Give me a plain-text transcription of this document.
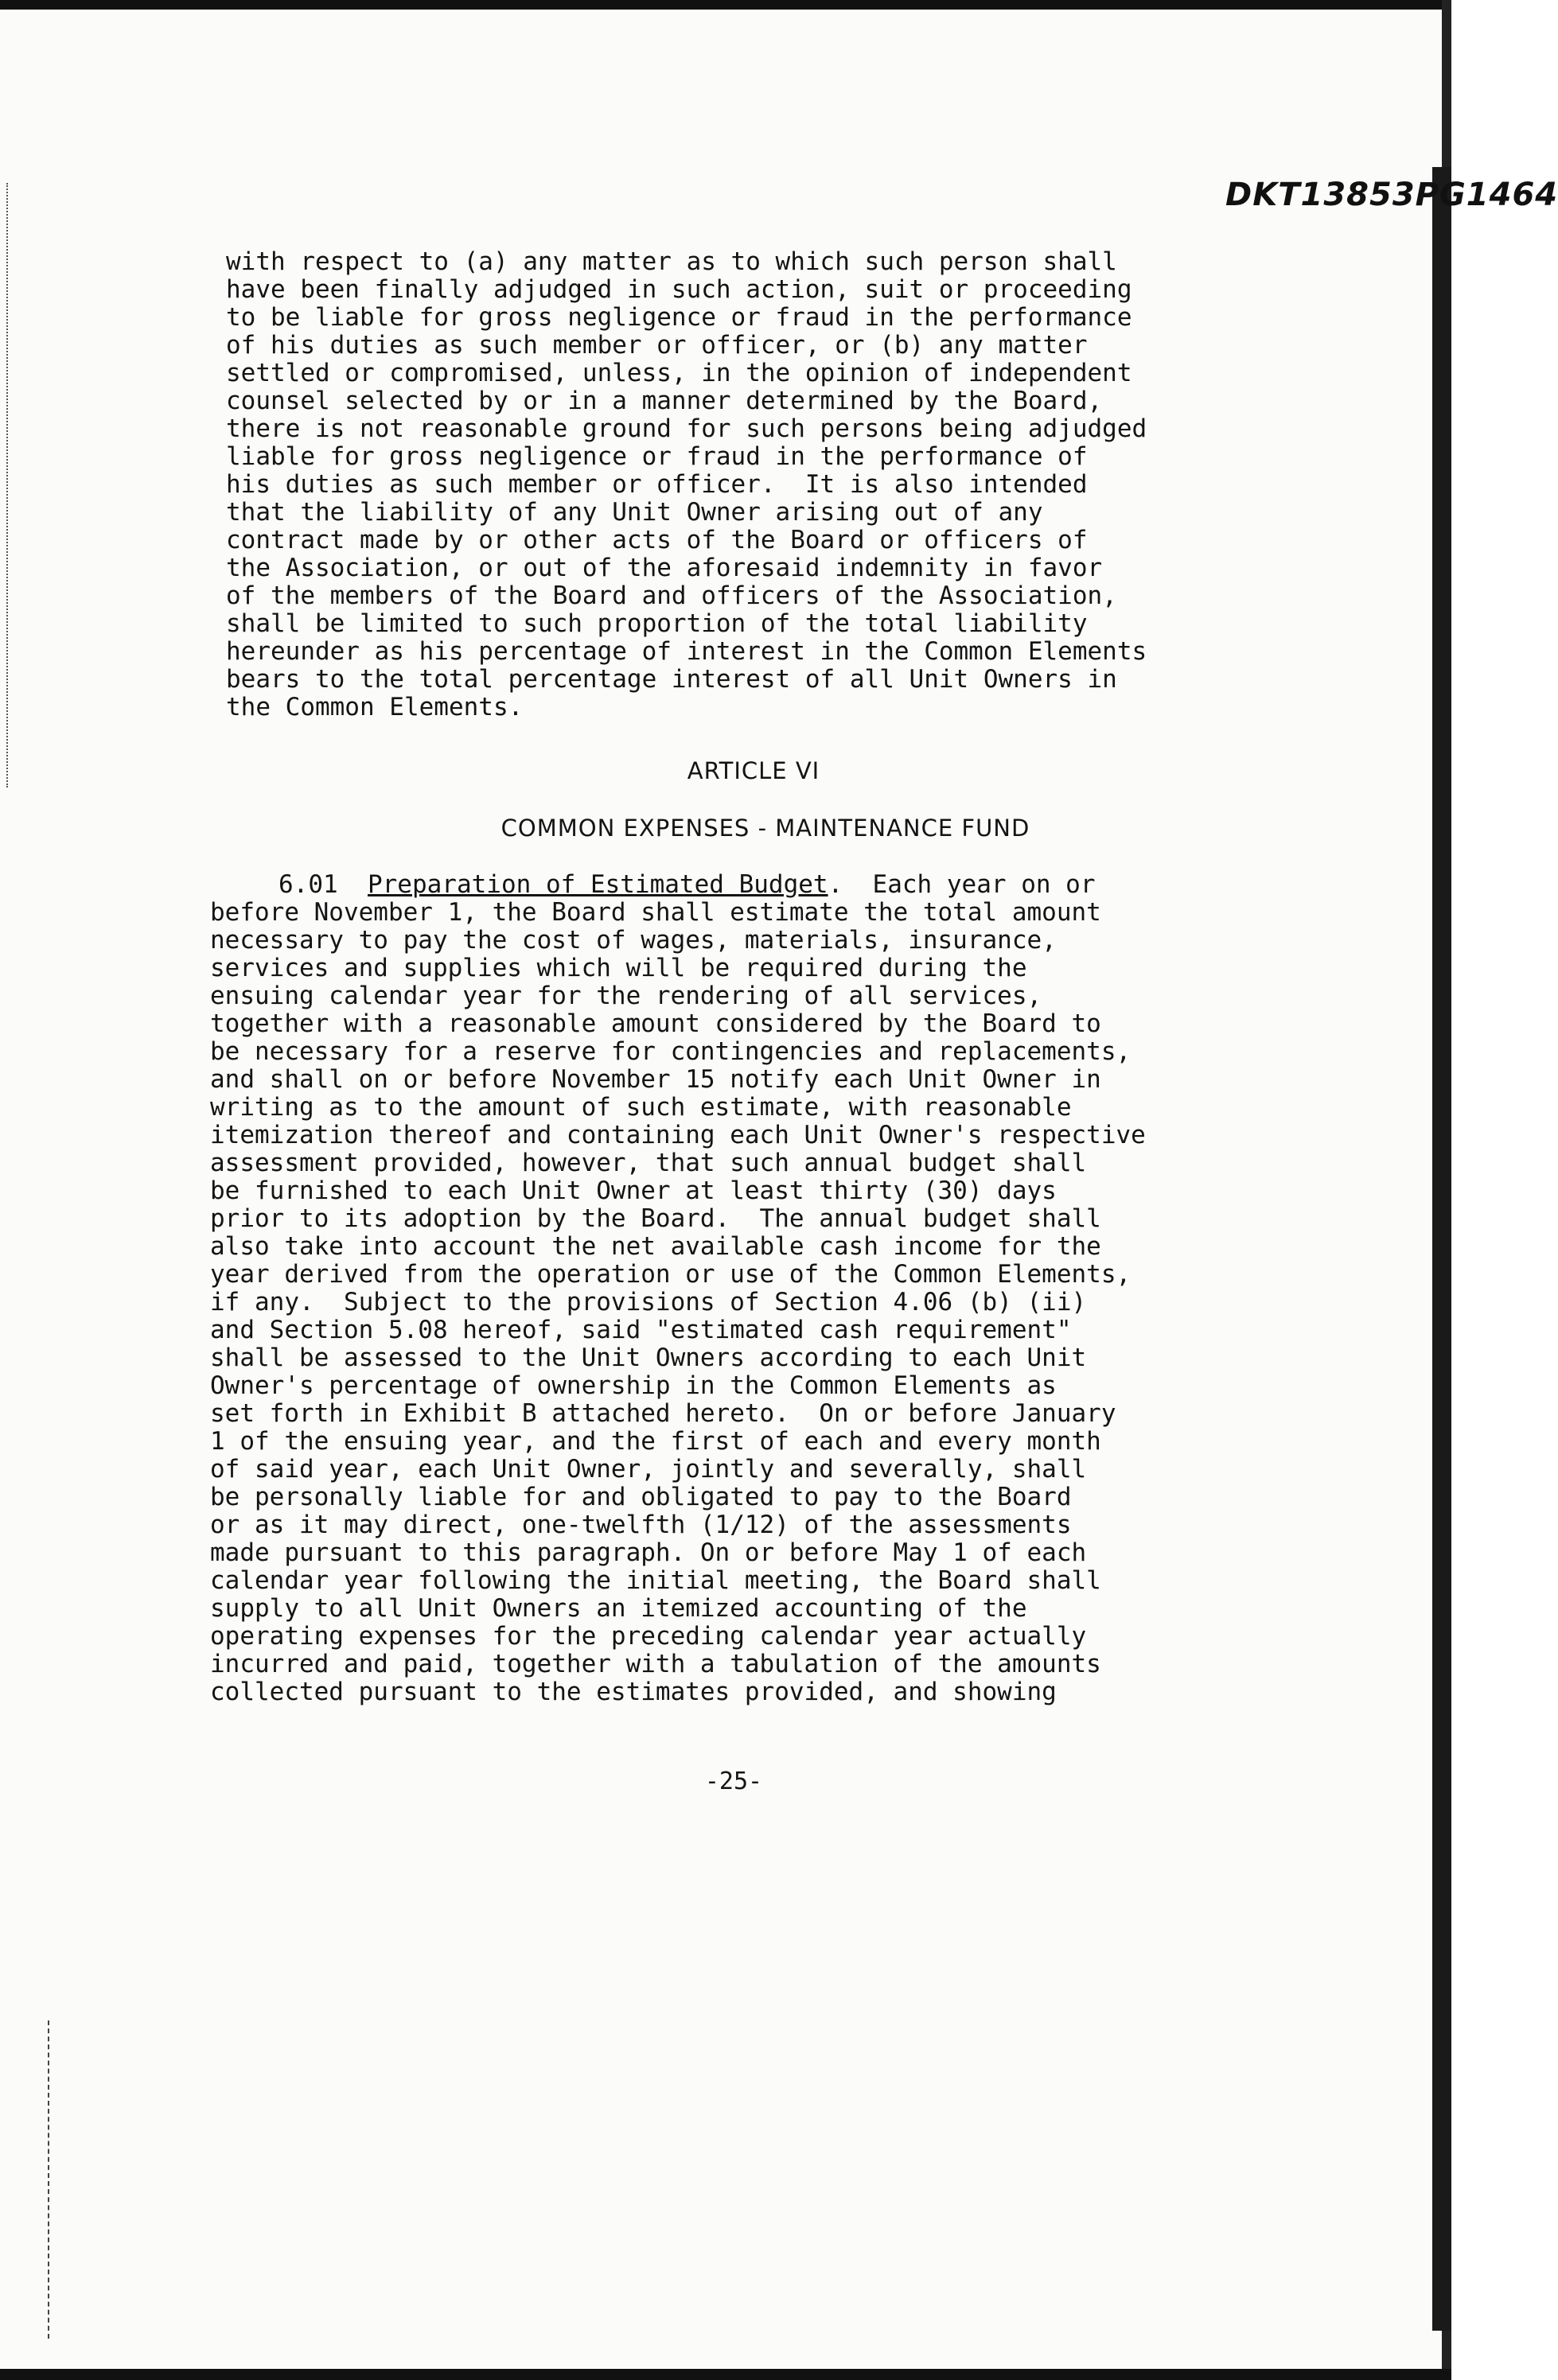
DKT13853PG1464
with respect to (a) any matter as to which such person shall
have been finally adjudged in such action, suit or proceeding
to be liable for gross negligence or fraud in the performance
of his duties as such member or officer, or (b) any matter
settled or compromised, unless, in the opinion of independent
counsel selected by or in a manner determined by the Board,
there is not reasonable ground for such persons being adjudged
liable for gross negligence or fraud in the performance of
his duties as such member or officer.  It is also intended
that the liability of any Unit Owner arising out of any
contract made by or other acts of the Board or officers of
the Association, or out of the aforesaid indemnity in favor
of the members of the Board and officers of the Association,
shall be limited to such proportion of the total liability
hereunder as his percentage of interest in the Common Elements
bears to the total percentage interest of all Unit Owners in
the Common Elements.
ARTICLE VI
COMMON EXPENSES - MAINTENANCE FUND
6.01 Preparation of Estimated Budget.  Each year on or
before November 1, the Board shall estimate the total amount
necessary to pay the cost of wages, materials, insurance,
services and supplies which will be required during the
ensuing calendar year for the rendering of all services,
together with a reasonable amount considered by the Board to
be necessary for a reserve for contingencies and replacements,
and shall on or before November 15 notify each Unit Owner in
writing as to the amount of such estimate, with reasonable
itemization thereof and containing each Unit Owner's respective
assessment provided, however, that such annual budget shall
be furnished to each Unit Owner at least thirty (30) days
prior to its adoption by the Board.  The annual budget shall
also take into account the net available cash income for the
year derived from the operation or use of the Common Elements,
if any.  Subject to the provisions of Section 4.06 (b) (ii)
and Section 5.08 hereof, said "estimated cash requirement"
shall be assessed to the Unit Owners according to each Unit
Owner's percentage of ownership in the Common Elements as
set forth in Exhibit B attached hereto.  On or before January
1 of the ensuing year, and the first of each and every month
of said year, each Unit Owner, jointly and severally, shall
be personally liable for and obligated to pay to the Board
or as it may direct, one-twelfth (1/12) of the assessments
made pursuant to this paragraph. On or before May 1 of each
calendar year following the initial meeting, the Board shall
supply to all Unit Owners an itemized accounting of the
operating expenses for the preceding calendar year actually
incurred and paid, together with a tabulation of the amounts
collected pursuant to the estimates provided, and showing
-25-
